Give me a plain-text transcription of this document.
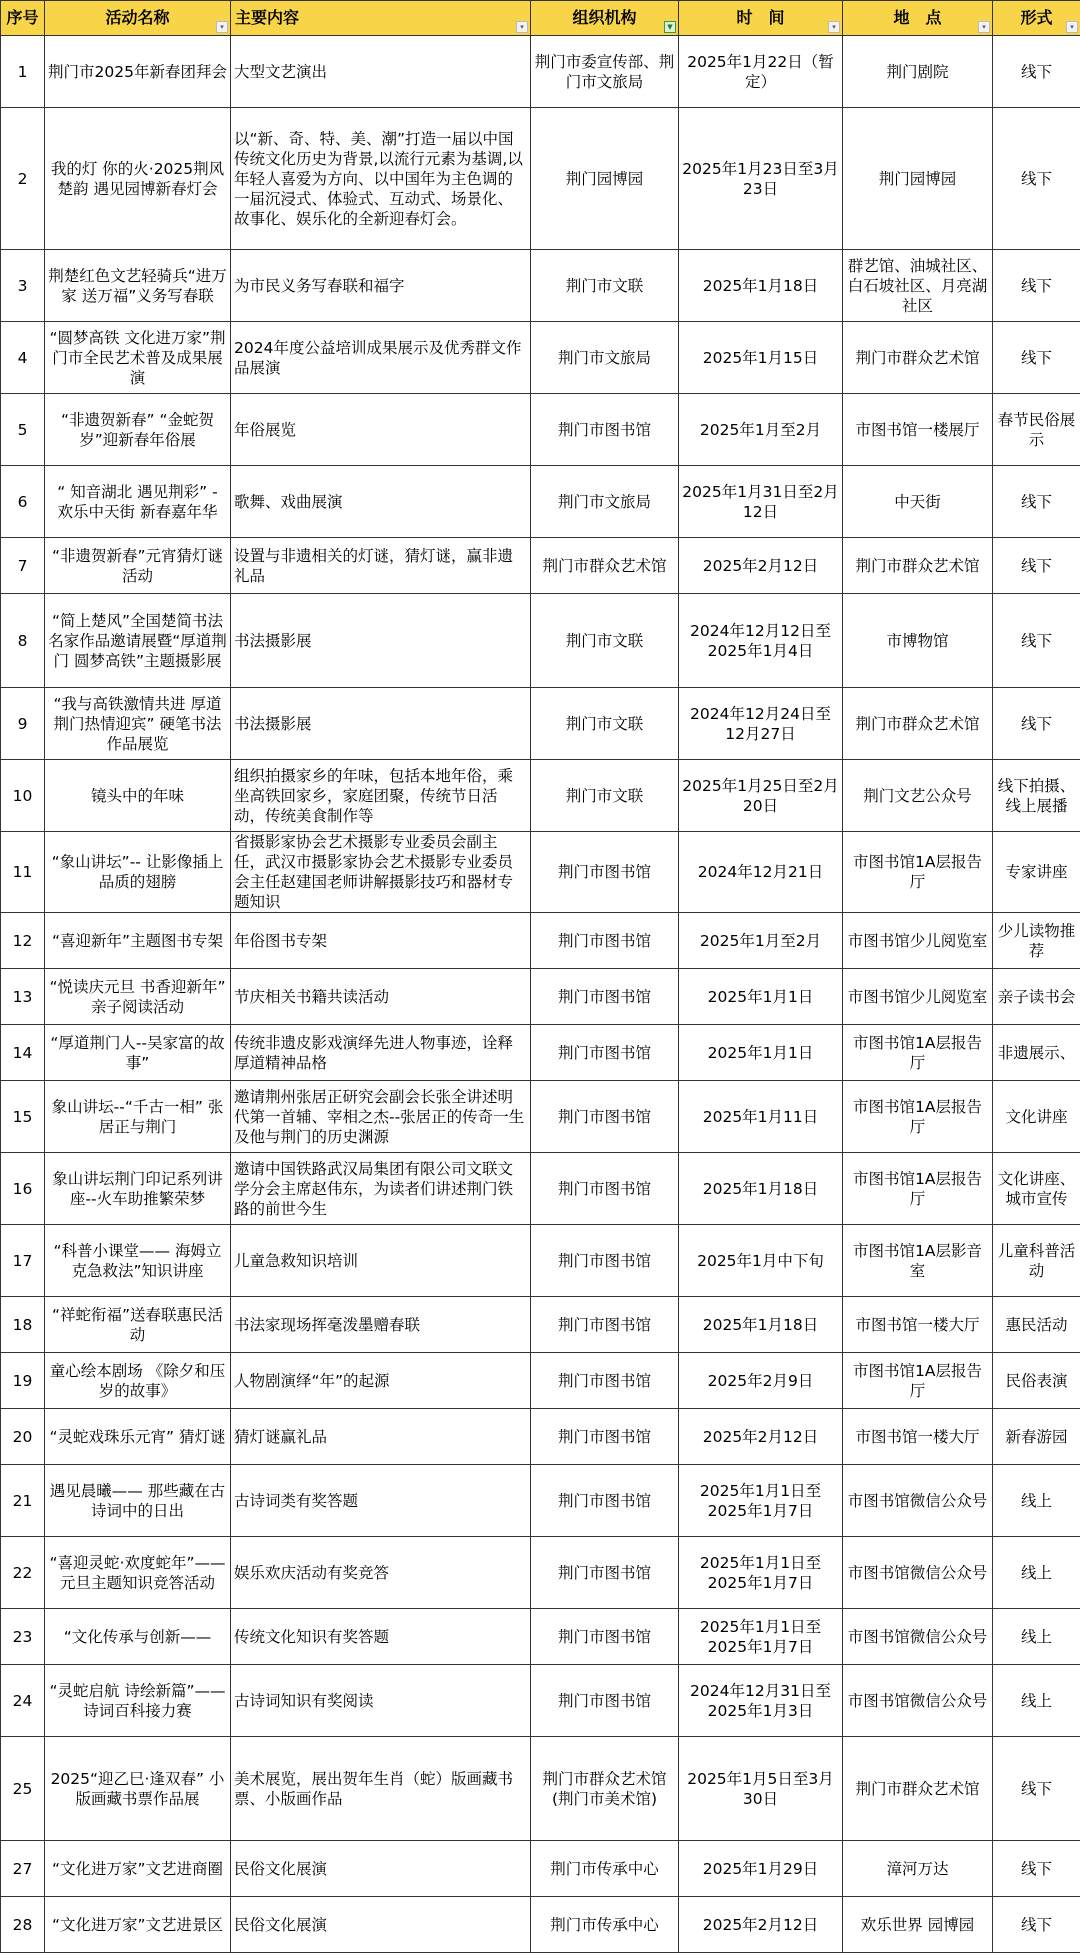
序号	活动名称 ▾	主要内容 ▾	组织机构 ▼	时　间 ▾	地　点 ▾	形式 ▾

1	荆门市2025年新春团拜会	大型文艺演出	荆门市委宣传部、荆门市文旅局	2025年1月22日（暂定）	荆门剧院	线下
2	我的灯 你的火·2025荆风楚韵 遇见园博新春灯会	以“新、奇、特、美、潮”打造一届以中国传统文化历史为背景,以流行元素为基调,以年轻人喜爱为方向、以中国年为主色调的一届沉浸式、体验式、互动式、场景化、故事化、娱乐化的全新迎春灯会。	荆门园博园	2025年1月23日至3月23日	荆门园博园	线下
3	荆楚红色文艺轻骑兵“进万家 送万福”义务写春联	为市民义务写春联和福字	荆门市文联	2025年1月18日	群艺馆、油城社区、白石坡社区、月亮湖社区	线下
4	“圆梦高铁 文化进万家”荆门市全民艺术普及成果展演	2024年度公益培训成果展示及优秀群文作品展演	荆门市文旅局	2025年1月15日	荆门市群众艺术馆	线下
5	“非遗贺新春” “金蛇贺岁”迎新春年俗展	年俗展览	荆门市图书馆	2025年1月至2月	市图书馆一楼展厅	春节民俗展示
6	“ 知音湖北 遇见荆彩” - 欢乐中天街 新春嘉年华	歌舞、戏曲展演	荆门市文旅局	2025年1月31日至2月12日	中天街	线下
7	“非遗贺新春”元宵猜灯谜活动	设置与非遗相关的灯谜，猜灯谜，赢非遗礼品	荆门市群众艺术馆	2025年2月12日	荆门市群众艺术馆	线下
8	“简上楚风”全国楚简书法名家作品邀请展暨“厚道荆门 圆梦高铁”主题摄影展	书法摄影展	荆门市文联	2024年12月12日至2025年1月4日	市博物馆	线下
9	“我与高铁激情共进 厚道荆门热情迎宾” 硬笔书法作品展览	书法摄影展	荆门市文联	2024年12月24日至12月27日	荆门市群众艺术馆	线下
10	镜头中的年味	组织拍摄家乡的年味，包括本地年俗，乘坐高铁回家乡，家庭团聚，传统节日活动，传统美食制作等	荆门市文联	2025年1月25日至2月20日	荆门文艺公众号	线下拍摄、线上展播
11	“象山讲坛”-- 让影像插上品质的翅膀	省摄影家协会艺术摄影专业委员会副主任，武汉市摄影家协会艺术摄影专业委员会主任赵建国老师讲解摄影技巧和器材专题知识	荆门市图书馆	2024年12月21日	市图书馆1A层报告厅	专家讲座
12	“喜迎新年”主题图书专架	年俗图书专架	荆门市图书馆	2025年1月至2月	市图书馆少儿阅览室	少儿读物推荐
13	“悦读庆元旦 书香迎新年” 亲子阅读活动	节庆相关书籍共读活动	荆门市图书馆	2025年1月1日	市图书馆少儿阅览室	亲子读书会
14	“厚道荆门人--吴家富的故事”	传统非遗皮影戏演绎先进人物事迹，诠释厚道精神品格	荆门市图书馆	2025年1月1日	市图书馆1A层报告厅	非遗展示、
15	象山讲坛--“千古一相” 张居正与荆门	邀请荆州张居正研究会副会长张全讲述明代第一首辅、宰相之杰--张居正的传奇一生及他与荆门的历史渊源	荆门市图书馆	2025年1月11日	市图书馆1A层报告厅	文化讲座
16	象山讲坛荆门印记系列讲座--火车助推繁荣梦	邀请中国铁路武汉局集团有限公司文联文学分会主席赵伟东，为读者们讲述荆门铁路的前世今生	荆门市图书馆	2025年1月18日	市图书馆1A层报告厅	文化讲座、城市宣传
17	“科普小课堂—— 海姆立克急救法”知识讲座	儿童急救知识培训	荆门市图书馆	2025年1月中下旬	市图书馆1A层影音室	儿童科普活动
18	“祥蛇衔福”送春联惠民活动	书法家现场挥毫泼墨赠春联	荆门市图书馆	2025年1月18日	市图书馆一楼大厅	惠民活动
19	童心绘本剧场 《除夕和压岁的故事》	人物剧演绎“年”的起源	荆门市图书馆	2025年2月9日	市图书馆1A层报告厅	民俗表演
20	“灵蛇戏珠乐元宵” 猜灯谜	猜灯谜赢礼品	荆门市图书馆	2025年2月12日	市图书馆一楼大厅	新春游园
21	遇见晨曦—— 那些藏在古诗词中的日出	古诗词类有奖答题	荆门市图书馆	2025年1月1日至2025年1月7日	市图书馆微信公众号	线上
22	“喜迎灵蛇·欢度蛇年”——元旦主题知识竞答活动	娱乐欢庆活动有奖竞答	荆门市图书馆	2025年1月1日至2025年1月7日	市图书馆微信公众号	线上
23	“文化传承与创新——	传统文化知识有奖答题	荆门市图书馆	2025年1月1日至2025年1月7日	市图书馆微信公众号	线上
24	“灵蛇启航 诗绘新篇”—— 诗词百科接力赛	古诗词知识有奖阅读	荆门市图书馆	2024年12月31日至2025年1月3日	市图书馆微信公众号	线上
25	2025“迎乙巳·逢双春” 小版画藏书票作品展	美术展览，展出贺年生肖（蛇）版画藏书票、小版画作品	荆门市群众艺术馆(荆门市美术馆)	2025年1月5日至3月30日	荆门市群众艺术馆	线下
27	“文化进万家”文艺进商圈	民俗文化展演	荆门市传承中心	2025年1月29日	漳河万达	线下
28	“文化进万家”文艺进景区	民俗文化展演	荆门市传承中心	2025年2月12日	欢乐世界 园博园	线下
